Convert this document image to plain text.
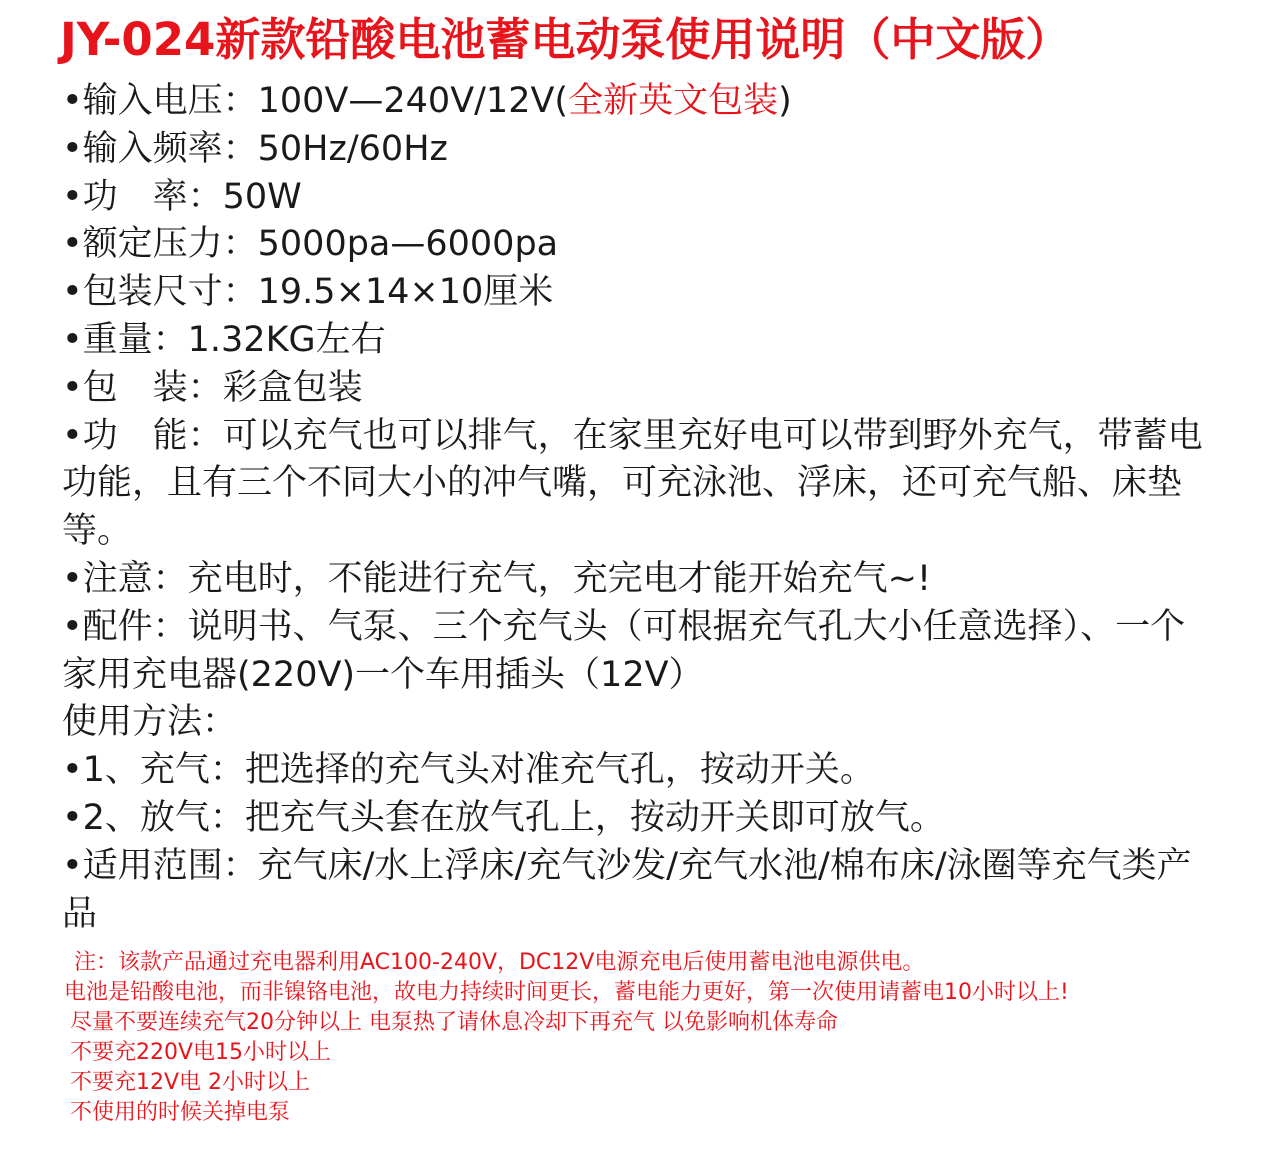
JY-024新款铅酸电池蓄电动泵使用说明（中文版）
•输入电压：100V—240V/12V(全新英文包装)
•输入频率：50Hz/60Hz
•功　率：50W
•额定压力：5000pa—6000pa
•包装尺寸：19.5×14×10厘米
•重量：1.32KG左右
•包　装：彩盒包装
•功　能：可以充气也可以排气，在家里充好电可以带到野外充气，带蓄电功能，且有三个不同大小的冲气嘴，可充泳池、浮床，还可充气船、床垫等。
•注意：充电时，不能进行充气，充完电才能开始充气~!
•配件：说明书、气泵、三个充气头（可根据充气孔大小任意选择）、一个家用充电器(220V)一个车用插头（12V）
使用方法：
•1、充气：把选择的充气头对准充气孔，按动开关。
•2、放气：把充气头套在放气孔上，按动开关即可放气。
•适用范围：充气床/水上浮床/充气沙发/充气水池/棉布床/泳圈等充气类产品
注：该款产品通过充电器利用AC100-240V，DC12V电源充电后使用蓄电池电源供电。
电池是铅酸电池，而非镍铬电池，故电力持续时间更长，蓄电能力更好，第一次使用请蓄电10小时以上!
尽量不要连续充气20分钟以上 电泵热了请休息冷却下再充气 以免影响机体寿命
不要充220V电15小时以上
不要充12V电 2小时以上
不使用的时候关掉电泵
